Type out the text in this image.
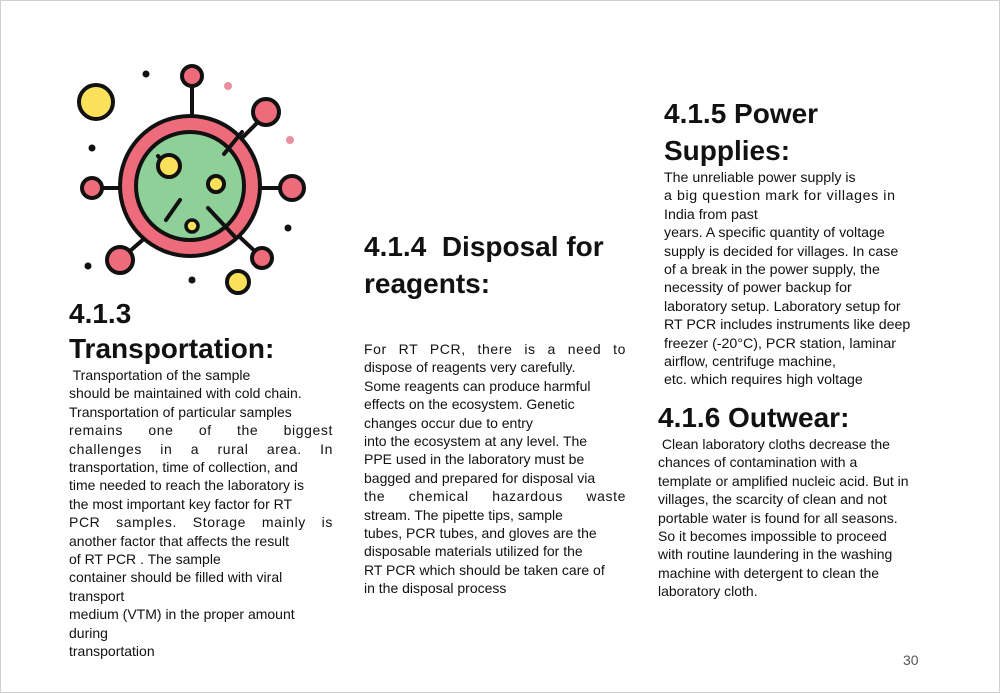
4.1.3
Transportation:

Transportation of the sample
should be maintained with cold chain.
Transportation of particular samples
remains one of the biggest
challenges in a rural area. In
transportation, time of collection, and
time needed to reach the laboratory is
the most important key factor for RT
PCR samples. Storage mainly is
another factor that affects the result
of RT PCR . The sample
container should be filled with viral
transport
medium (VTM) in the proper amount
during
transportation

4.1.4  Disposal for
reagents:

For RT PCR, there is a need to
dispose of reagents very carefully.
Some reagents can produce harmful
effects on the ecosystem. Genetic
changes occur due to entry
into the ecosystem at any level. The
PPE used in the laboratory must be
bagged and prepared for disposal via
the chemical hazardous waste
stream. The pipette tips, sample
tubes, PCR tubes, and gloves are the
disposable materials utilized for the
RT PCR which should be taken care of
in the disposal process

4.1.5 Power
Supplies:

The unreliable power supply is
a big question mark for villages in
India from past
years. A specific quantity of voltage
supply is decided for villages. In case
of a break in the power supply, the
necessity of power backup for
laboratory setup. Laboratory setup for
RT PCR includes instruments like deep
freezer (-20°C), PCR station, laminar
airflow, centrifuge machine,
etc. which requires high voltage

4.1.6 Outwear:

Clean laboratory cloths decrease the
chances of contamination with a
template or amplified nucleic acid. But in
villages, the scarcity of clean and not
portable water is found for all seasons.
So it becomes impossible to proceed
with routine laundering in the washing
machine with detergent to clean the
laboratory cloth.

30
